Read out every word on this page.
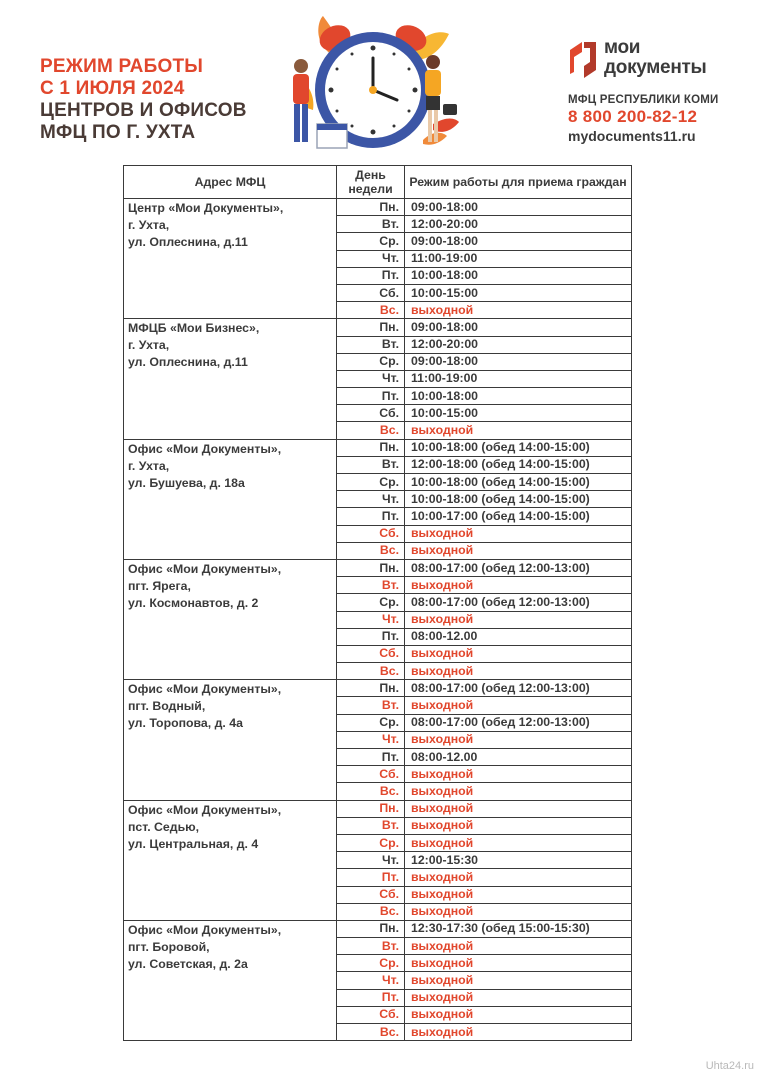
РЕЖИМ РАБОТЫ
С 1 ИЮЛЯ 2024
ЦЕНТРОВ И ОФИСОВ
МФЦ ПО Г. УХТА
мои
документы
МФЦ РЕСПУБЛИКИ КОМИ
8 800 200-82-12
mydocuments11.ru
Адрес МФЦ	День недели	Режим работы для приема граждан
Центр «Мои Документы»,
г. Ухта,
ул. Оплеснина, д.11	Пн.	09:00-18:00
	Вт.	12:00-20:00
	Ср.	09:00-18:00
	Чт.	11:00-19:00
	Пт.	10:00-18:00
	Сб.	10:00-15:00
	Вс.	выходной
МФЦБ «Мои Бизнес»,
г. Ухта,
ул. Оплеснина, д.11	Пн.	09:00-18:00
	Вт.	12:00-20:00
	Ср.	09:00-18:00
	Чт.	11:00-19:00
	Пт.	10:00-18:00
	Сб.	10:00-15:00
	Вс.	выходной
Офис «Мои Документы»,
г. Ухта,
ул. Бушуева, д. 18а	Пн.	10:00-18:00 (обед 14:00-15:00)
	Вт.	12:00-18:00 (обед 14:00-15:00)
	Ср.	10:00-18:00 (обед 14:00-15:00)
	Чт.	10:00-18:00 (обед 14:00-15:00)
	Пт.	10:00-17:00 (обед 14:00-15:00)
	Сб.	выходной
	Вс.	выходной
Офис «Мои Документы»,
пгт. Ярега,
ул. Космонавтов, д. 2	Пн.	08:00-17:00 (обед 12:00-13:00)
	Вт.	выходной
	Ср.	08:00-17:00 (обед 12:00-13:00)
	Чт.	выходной
	Пт.	08:00-12.00
	Сб.	выходной
	Вс.	выходной
Офис «Мои Документы»,
пгт. Водный,
ул. Торопова, д. 4а	Пн.	08:00-17:00 (обед 12:00-13:00)
	Вт.	выходной
	Ср.	08:00-17:00 (обед 12:00-13:00)
	Чт.	выходной
	Пт.	08:00-12.00
	Сб.	выходной
	Вс.	выходной
Офис «Мои Документы»,
пст. Седью,
ул. Центральная, д. 4	Пн.	выходной
	Вт.	выходной
	Ср.	выходной
	Чт.	12:00-15:30
	Пт.	выходной
	Сб.	выходной
	Вс.	выходной
Офис «Мои Документы»,
пгт. Боровой,
ул. Советская, д. 2а	Пн.	12:30-17:30 (обед 15:00-15:30)
	Вт.	выходной
	Ср.	выходной
	Чт.	выходной
	Пт.	выходной
	Сб.	выходной
	Вс.	выходной
Uhta24.ru
